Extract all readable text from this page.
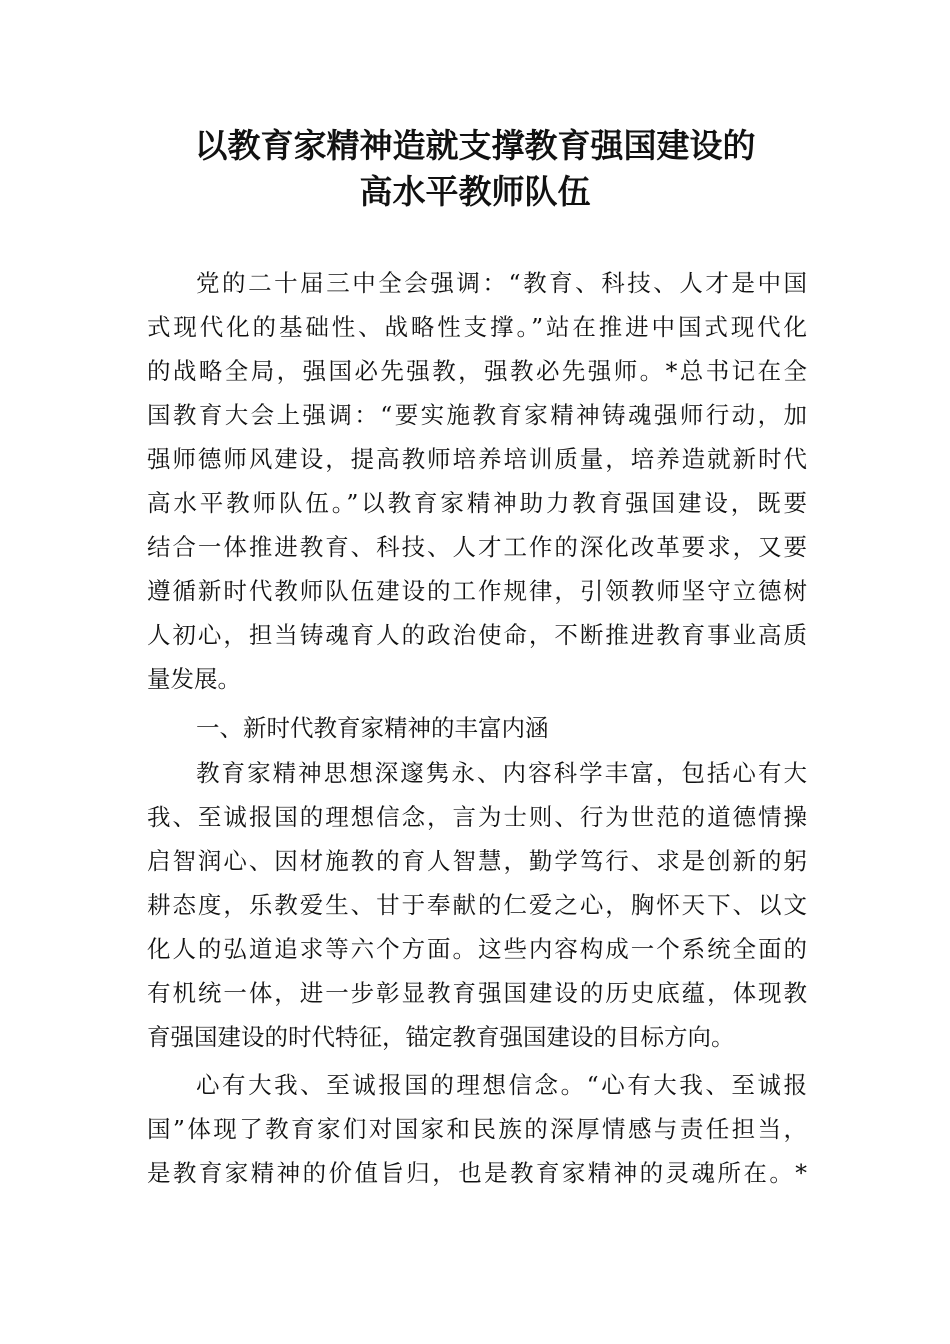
以教育家精神造就支撑教育强国建设的
高水平教师队伍
党的二十届三中全会强调：“教育、科技、人才是中国
式现代化的基础性、战略性支撑。”站在推进中国式现代化
的战略全局，强国必先强教，强教必先强师。*总书记在全
国教育大会上强调：“要实施教育家精神铸魂强师行动，加
强师德师风建设，提高教师培养培训质量，培养造就新时代
高水平教师队伍。”以教育家精神助力教育强国建设，既要
结合一体推进教育、科技、人才工作的深化改革要求，又要
遵循新时代教师队伍建设的工作规律，引领教师坚守立德树
人初心，担当铸魂育人的政治使命，不断推进教育事业高质
量发展。
一、新时代教育家精神的丰富内涵
教育家精神思想深邃隽永、内容科学丰富，包括心有大
我、至诚报国的理想信念，言为士则、行为世范的道德情操
启智润心、因材施教的育人智慧，勤学笃行、求是创新的躬
耕态度，乐教爱生、甘于奉献的仁爱之心，胸怀天下、以文
化人的弘道追求等六个方面。这些内容构成一个系统全面的
有机统一体，进一步彰显教育强国建设的历史底蕴，体现教
育强国建设的时代特征，锚定教育强国建设的目标方向。
心有大我、至诚报国的理想信念。“心有大我、至诚报
国”体现了教育家们对国家和民族的深厚情感与责任担当，
是教育家精神的价值旨归，也是教育家精神的灵魂所在。*
